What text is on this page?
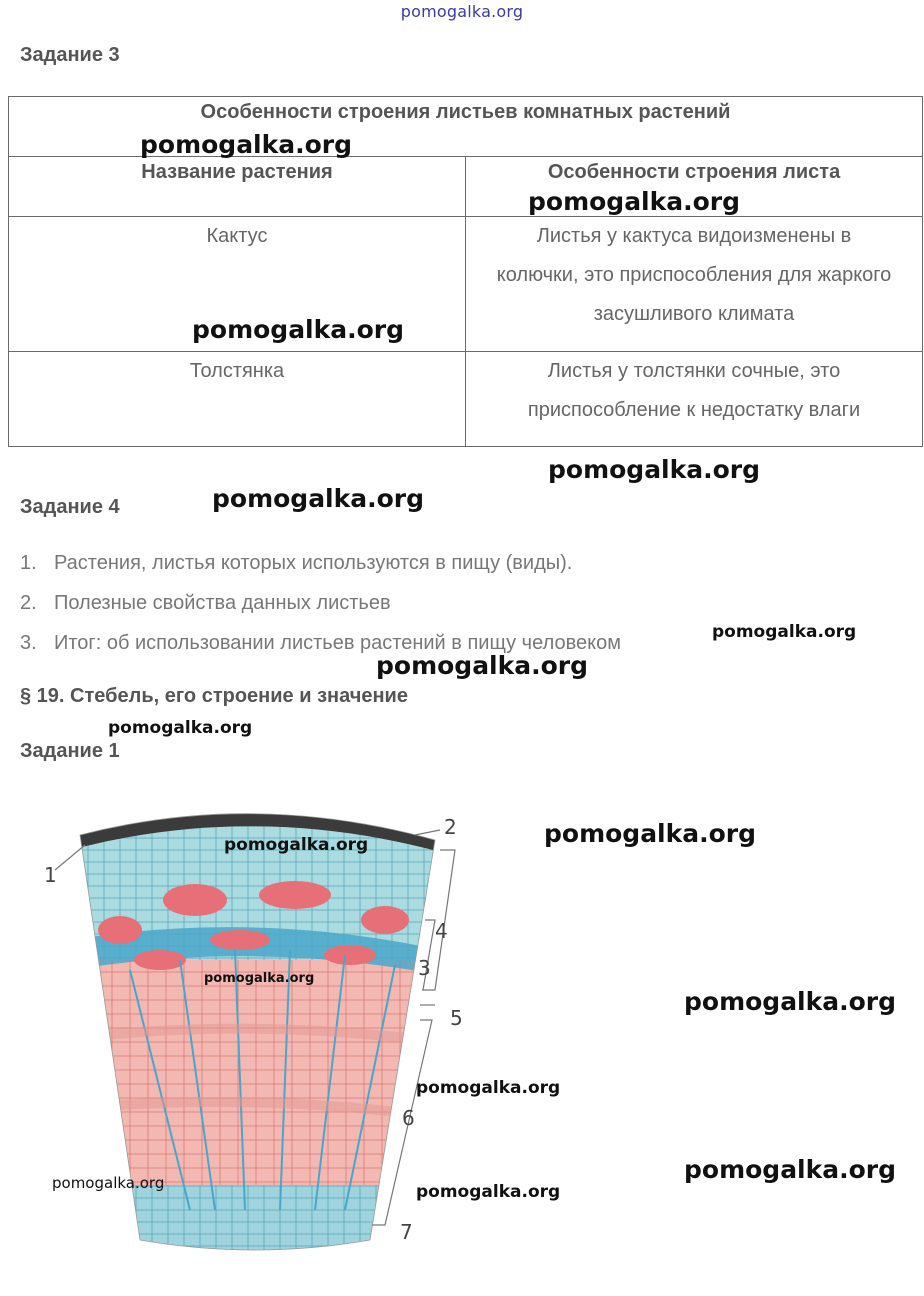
pomogalka.org
Задание 3
Особенности строения листьев комнатных растений	
Название растения	Особенности строения листа
Кактус	Листья у кактуса видоизменены в колючки, это приспособления для жаркого засушливого климата
Толстянка	Листья у толстянки сочные, это приспособление к недостатку влаги
Задание 4
1. Растения, листья которых используются в пищу (виды).
2. Полезные свойства данных листьев
3. Итог: об использовании листьев растений в пищу человеком
§ 19. Стебель, его строение и значение
Задание 1
1
2
3
4
5
6
7
pomogalka.org
pomogalka.org
pomogalka.org
pomogalka.org
pomogalka.org
pomogalka.org
pomogalka.org
pomogalka.org
pomogalka.org
pomogalka.org
pomogalka.org
pomogalka.org
pomogalka.org
pomogalka.org
pomogalka.org	pomogalka.org
